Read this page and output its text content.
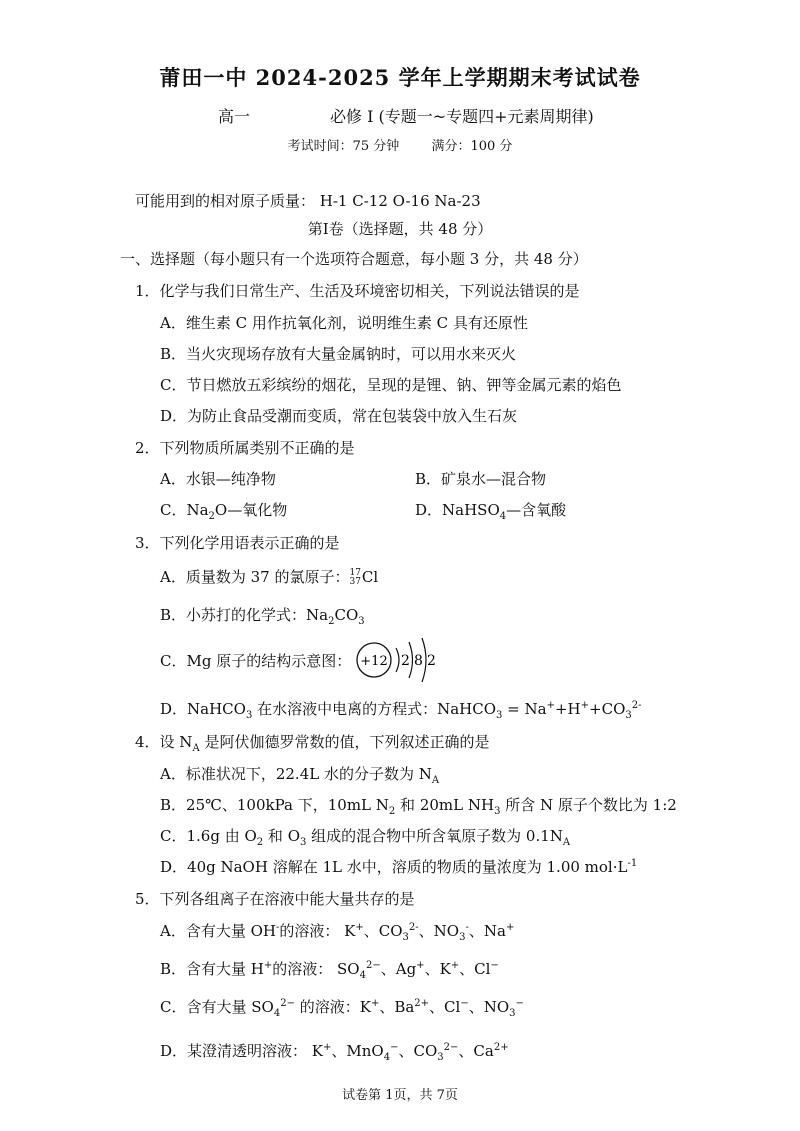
莆田一中 2024-2025 学年上学期期末考试试卷
高一	必修 I (专题一~专题四+元素周期律)
考试时间：75 分钟 满分：100 分
可能用到的相对原子质量： H-1 C-12 O-16 Na-23
第Ⅰ卷（选择题，共 48 分）
一、选择题（每小题只有一个选项符合题意，每小题 3 分，共 48 分）
1．化学与我们日常生产、生活及环境密切相关，下列说法错误的是
A．维生素 C 用作抗氧化剂，说明维生素 C 具有还原性
B．当火灾现场存放有大量金属钠时，可以用水来灭火
C．节日燃放五彩缤纷的烟花，呈现的是锂、钠、钾等金属元素的焰色
D．为防止食品受潮而变质，常在包装袋中放入生石灰
2．下列物质所属类别不正确的是
A．水银—纯净物	B．矿泉水—混合物
C．$Na_2O—$氧化物	D．NaHSO$_4$—含氧酸
3．下列化学用语表示正确的是
A．质量数为 37 的氯原子：17
37Cl
B．小苏打的化学式：$Na_2CO_3$
C．Mg 原子的结构示意图： +12 2 8 2
D．NaHCO$_3$ 在水溶液中电离的方程式：NaHCO$_3$ = $Na^++H^++CO_3^{2-}$
4．设 $N_A$ 是阿伏伽德罗常数的值，下列叙述正确的是
A．标准状况下，22.4L 水的分子数为 $N_A$
B．25℃、100kPa 下，10mL $N_2$ 和 20mL $NH_3$ 所含 N 原子个数比为 1:2
C．1.6g 由 $O_2$ 和 $O_3$ 组成的混合物中所含氧原子数为 $0.1N_A$
D．40g NaOH 溶解在 1L 水中，溶质的物质的量浓度为 1.00 $mol\cdot L^{-1}$
5．下列各组离子在溶液中能大量共存的是
A．含有大量 OH-的溶液： K+、$CO_3^{2-}$、$NO_3^-$、Na+
B．含有大量 H+的溶液： $SO_4^{2-}$、Ag+、K+、Cl−
C．含有大量 $SO_4^{2-}$ 的溶液：K+、$Ba^{2+}$、Cl−、$NO_3^-$
D．某澄清透明溶液： K+、MnO$_4$−、$CO_3^{2-}$、$Ca^{2+}$
试卷第 1页，共 7页
